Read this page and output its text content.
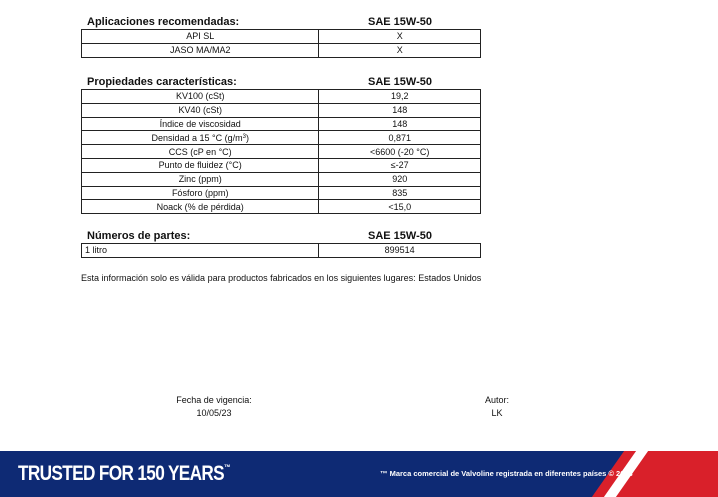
Aplicaciones recomendadas:	SAE 15W-50
API SL	X
JASO MA/MA2	X
Propiedades características:	SAE 15W-50
KV100 (cSt)	19,2
KV40 (cSt)	148
Índice de viscosidad	148
Densidad a 15 °C $(g/m^3)$	0,871
CCS (cP en °C)	<6600 (-20 °C)
Punto de fluidez (°C)	≤-27
Zinc (ppm)	920
Fósforo (ppm)	835
Noack (% de pérdida)	<15,0
Números de partes:	SAE 15W-50
1 litro	899514
Esta información solo es válida para productos fabricados en los siguientes lugares: Estados Unidos
Fecha de vigencia:
10/05/23
Autor:
LK
TRUSTED FOR 150 YEARS™
™ Marca comercial de Valvoline registrada en diferentes países © 2023
